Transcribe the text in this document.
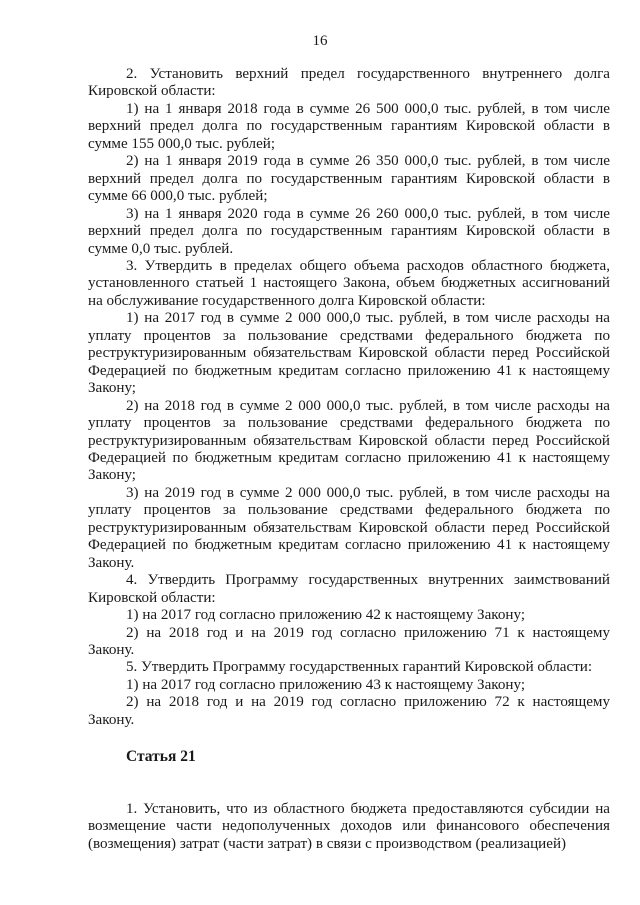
16

2. Установить верхний предел государственного внутреннего долга Кировской области:

1) на 1 января 2018 года в сумме 26 500 000,0 тыс. рублей, в том числе верхний предел долга по государственным гарантиям Кировской области в сумме 155 000,0 тыс. рублей;

2) на 1 января 2019 года в сумме 26 350 000,0 тыс. рублей, в том числе верхний предел долга по государственным гарантиям Кировской области в сумме 66 000,0 тыс. рублей;

3) на 1 января 2020 года в сумме 26 260 000,0 тыс. рублей, в том числе верхний предел долга по государственным гарантиям Кировской области в сумме 0,0 тыс. рублей.

3. Утвердить в пределах общего объема расходов областного бюджета, установленного статьей 1 настоящего Закона, объем бюджетных ассигнований на обслуживание государственного долга Кировской области:

1) на 2017 год в сумме 2 000 000,0 тыс. рублей, в том числе расходы на уплату процентов за пользование средствами федерального бюджета по реструктуризированным обязательствам Кировской области перед Российской Федерацией по бюджетным кредитам согласно приложению 41 к настоящему Закону;

2) на 2018 год в сумме 2 000 000,0 тыс. рублей, в том числе расходы на уплату процентов за пользование средствами федерального бюджета по реструктуризированным обязательствам Кировской области перед Российской Федерацией по бюджетным кредитам согласно приложению 41 к настоящему Закону;

3) на 2019 год в сумме 2 000 000,0 тыс. рублей, в том числе расходы на уплату процентов за пользование средствами федерального бюджета по реструктуризированным обязательствам Кировской области перед Российской Федерацией по бюджетным кредитам согласно приложению 41 к настоящему Закону.

4. Утвердить Программу государственных внутренних заимствований Кировской области:

1) на 2017 год согласно приложению 42 к настоящему Закону;

2) на 2018 год и на 2019 год согласно приложению 71 к настоящему Закону.

5. Утвердить Программу государственных гарантий Кировской области:

1) на 2017 год согласно приложению 43 к настоящему Закону;

2) на 2018 год и на 2019 год согласно приложению 72 к настоящему Закону.

Статья 21

1. Установить, что из областного бюджета предоставляются субсидии на возмещение части недополученных доходов или финансового обеспечения (возмещения) затрат (части затрат) в связи с производством (реализацией)
